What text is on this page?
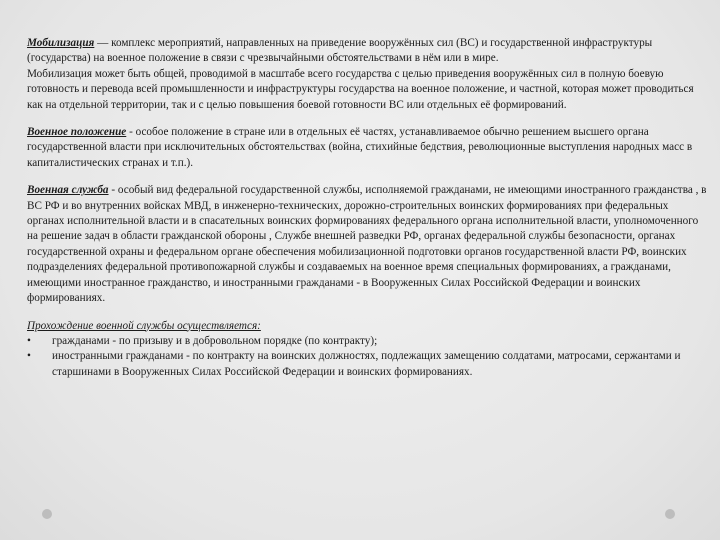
Мобилизация — комплекс мероприятий, направленных на приведение вооружённых сил (ВС) и государственной инфраструктуры (государства) на военное положение в связи с чрезвычайными обстоятельствами в нём или в мире.

Мобилизация может быть общей, проводимой в масштабе всего государства с целью приведения вооружённых сил в полную боевую готовность и перевода всей промышленности и инфраструктуры государства на военное положение, и частной, которая может проводиться как на отдельной территории, так и с целью повышения боевой готовности ВС или отдельных её формирований.

Военное положение - особое положение в стране или в отдельных её частях, устанавливаемое обычно решением высшего органа государственной власти при исключительных обстоятельствах (война, стихийные бедствия, революционные выступления народных масс в капиталистических странах и т.п.).

Военная служба - особый вид федеральной государственной службы, исполняемой гражданами, не имеющими иностранного гражданства , в ВС РФ и во внутренних войсках МВД, в инженерно-технических, дорожно-строительных воинских формированиях при федеральных органах исполнительной власти и в спасательных воинских формированиях федерального органа исполнительной власти, уполномоченного на решение задач в области гражданской обороны , Службе внешней разведки РФ, органах федеральной службы безопасности, органах государственной охраны и федеральном органе обеспечения мобилизационной подготовки органов государственной власти РФ, воинских подразделениях федеральной противопожарной службы и создаваемых на военное время специальных формированиях, а гражданами, имеющими иностранное гражданство, и иностранными гражданами - в Вооруженных Силах Российской Федерации и воинских формированиях.

Прохождение военной службы осуществляется:

• гражданами - по призыву и в добровольном порядке (по контракту);
• иностранными гражданами - по контракту на воинских должностях, подлежащих замещению солдатами, матросами, сержантами и старшинами в Вооруженных Силах Российской Федерации и воинских формированиях.
